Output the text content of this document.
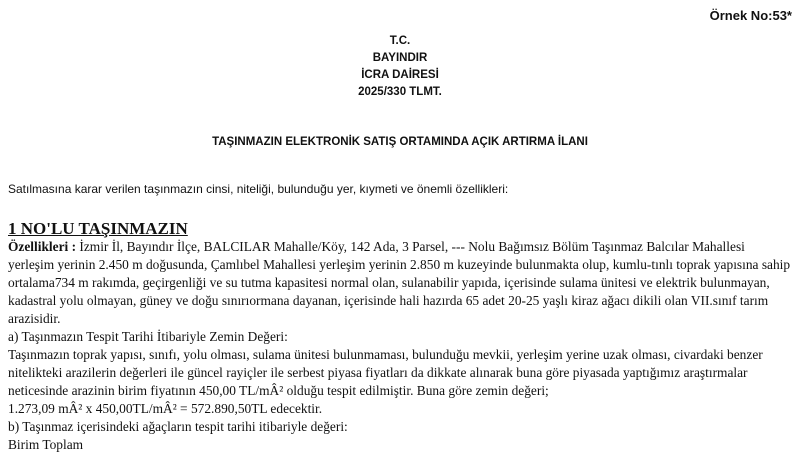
Örnek No:53*
T.C.
BAYINDIR
İCRA DAİRESİ
2025/330 TLMT.
TAŞINMAZIN ELEKTRONİK SATIŞ ORTAMINDA AÇIK ARTIRMA İLANI
Satılmasına karar verilen taşınmazın cinsi, niteliği, bulunduğu yer, kıymeti ve önemli özellikleri:
1 NO'LU TAŞINMAZIN

Özellikleri : İzmir İl, Bayındır İlçe, BALCILAR Mahalle/Köy, 142 Ada, 3 Parsel, --- Nolu Bağımsız Bölüm Taşınmaz Balcılar Mahallesi yerleşim yerinin 2.450 m doğusunda, Çamlıbel Mahallesi yerleşim yerinin 2.850 m kuzeyinde bulunmakta olup, kumlu-tınlı toprak yapısına sahip ortalama734 m rakımda, geçirgenliği ve su tutma kapasitesi normal olan, sulanabilir yapıda, içerisinde sulama ünitesi ve elektrik bulunmayan, kadastral yolu olmayan, güney ve doğu sınırıormana dayanan, içerisinde hali hazırda 65 adet 20-25 yaşlı kiraz ağacı dikili olan VII.sınıf tarım arazisidir.

a) Taşınmazın Tespit Tarihi İtibariyle Zemin Değeri:

Taşınmazın toprak yapısı, sınıfı, yolu olması, sulama ünitesi bulunmaması, bulunduğu mevkii, yerleşim yerine uzak olması, civardaki benzer nitelikteki arazilerin değerleri ile güncel rayiçler ile serbest piyasa fiyatları da dikkate alınarak buna göre piyasada yaptığımız araştırmalar neticesinde arazinin birim fiyatının 450,00 TL/mÂ² olduğu tespit edilmiştir. Buna göre zemin değeri;

1.273,09 mÂ² x 450,00TL/mÂ² = 572.890,50TL edecektir.

b) Taşınmaz içerisindeki ağaçların tespit tarihi itibariyle değeri:

Birim Toplam
